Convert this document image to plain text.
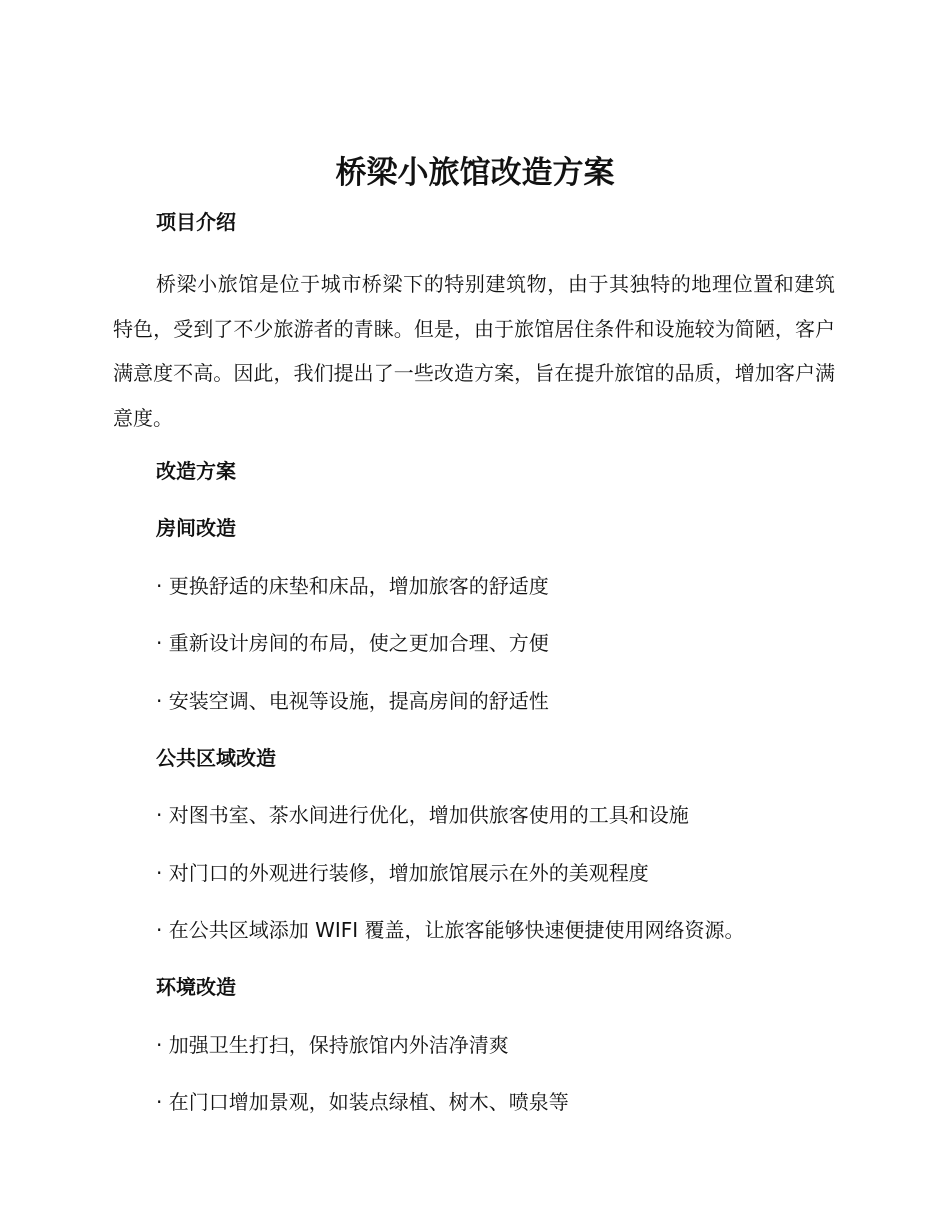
桥梁小旅馆改造方案
项目介绍

桥梁小旅馆是位于城市桥梁下的特别建筑物，由于其独特的地理位置和建筑特色，受到了不少旅游者的青睐。但是，由于旅馆居住条件和设施较为简陋，客户满意度不高。因此，我们提出了一些改造方案，旨在提升旅馆的品质，增加客户满意度。

改造方案
房间改造

· 更换舒适的床垫和床品，增加旅客的舒适度

· 重新设计房间的布局，使之更加合理、方便

· 安装空调、电视等设施，提高房间的舒适性

公共区域改造

· 对图书室、茶水间进行优化，增加供旅客使用的工具和设施

· 对门口的外观进行装修，增加旅馆展示在外的美观程度

· 在公共区域添加 WIFI 覆盖，让旅客能够快速便捷使用网络资源。

环境改造

· 加强卫生打扫，保持旅馆内外洁净清爽

· 在门口增加景观，如装点绿植、树木、喷泉等
